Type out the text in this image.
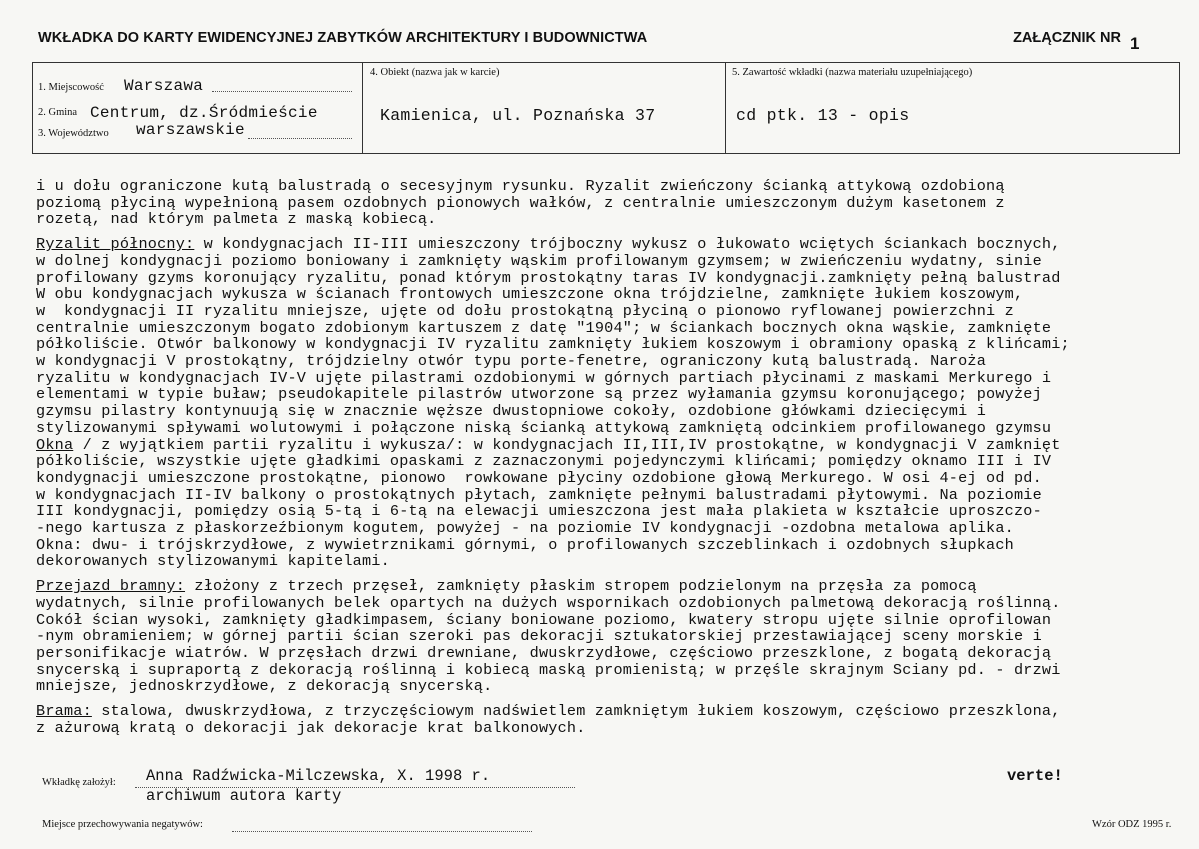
WKŁADKA DO KARTY EWIDENCYJNEJ ZABYTKÓW ARCHITEKTURY I BUDOWNICTWA	ZAŁĄCZNIK NR 1
1. Miejscowość Warszawa
2. Gmina Centrum, dz.Śródmieście
3. Województwo warszawskie
4. Obiekt (nazwa jak w karcie)
Kamienica, ul. Poznańska 37
5. Zawartość wkładki (nazwa materiału uzupełniającego)
cd ptk. 13 - opis

i u dołu ograniczone kutą balustradą o secesyjnym rysunku. Ryzalit zwieńczony ścianką attykową ozdobioną
poziomą płyciną wypełnioną pasem ozdobnych pionowych wałków, z centralnie umieszczonym dużym kasetonem z
rozetą, nad którym palmeta z maską kobiecą.

Ryzalit północny: w kondygnacjach II-III umieszczony trójboczny wykusz o łukowato wciętych ściankach bocznych,
w dolnej kondygnacji poziomo boniowany i zamknięty wąskim profilowanym gzymsem; w zwieńczeniu wydatny, sinie
profilowany gzyms koronujący ryzalitu, ponad którym prostokątny taras IV kondygnacji.zamknięty pełną balustrad
W obu kondygnacjach wykusza w ścianach frontowych umieszczone okna trójdzielne, zamknięte łukiem koszowym,
w  kondygnacji II ryzalitu mniejsze, ujęte od dołu prostokątną płyciną o pionowo ryflowanej powierzchni z
centralnie umieszczonym bogato zdobionym kartuszem z datę "1904"; w ściankach bocznych okna wąskie, zamknięte
półkoliście. Otwór balkonowy w kondygnacji IV ryzalitu zamknięty łukiem koszowym i obramiony opaską z klińcami;
w kondygnacji V prostokątny, trójdzielny otwór typu porte-fenetre, ograniczony kutą balustradą. Naroża
ryzalitu w kondygnacjach IV-V ujęte pilastrami ozdobionymi w górnych partiach płycinami z maskami Merkurego i
elementami w typie buław; pseudokapitele pilastrów utworzone są przez wyłamania gzymsu koronującego; powyżej
gzymsu pilastry kontynuują się w znacznie węższe dwustopniowe cokoły, ozdobione główkami dziecięcymi i
stylizowanymi spływami wolutowymi i połączone niską ścianką attykową zamkniętą odcinkiem profilowanego gzymsu

Okna / z wyjątkiem partii ryzalitu i wykusza/: w kondygnacjach II,III,IV prostokątne, w kondygnacji V zamknięt
półkoliście, wszystkie ujęte gładkimi opaskami z zaznaczonymi pojedynczymi klińcami; pomiędzy oknamo III i IV
kondygnacji umieszczone prostokątne, pionowo  rowkowane płyciny ozdobione głową Merkurego. W osi 4-ej od pd.
w kondygnacjach II-IV balkony o prostokątnych płytach, zamknięte pełnymi balustradami płytowymi. Na poziomie
III kondygnacji, pomiędzy osią 5-tą i 6-tą na elewacji umieszczona jest mała plakieta w kształcie uproszczo-
-nego kartusza z płaskorzeźbionym kogutem, powyżej - na poziomie IV kondygnacji -ozdobna metalowa aplika.
Okna: dwu- i trójskrzydłowe, z wywietrznikami górnymi, o profilowanych szczeblinkach i ozdobnych słupkach
dekorowanych stylizowanymi kapitelami.

Przejazd bramny: złożony z trzech przęseł, zamknięty płaskim stropem podzielonym na przęsła za pomocą
wydatnych, silnie profilowanych belek opartych na dużych wspornikach ozdobionych palmetową dekoracją roślinną.
Cokół ścian wysoki, zamknięty gładkimpasem, ściany boniowane poziomo, kwatery stropu ujęte silnie oprofilowan
-nym obramieniem; w górnej partii ścian szeroki pas dekoracji sztukatorskiej przestawiającej sceny morskie i
personifikacje wiatrów. W przęsłach drzwi drewniane, dwuskrzydłowe, częściowo przeszklone, z bogatą dekoracją
snycerską i supraportą z dekoracją roślinną i kobiecą maską promienistą; w przęśle skrajnym Sciany pd. - drzwi
mniejsze, jednoskrzydłowe, z dekoracją snycerską.

Brama: stalowa, dwuskrzydłowa, z trzyczęściowym nadświetlem zamkniętym łukiem koszowym, częściowo przeszklona,
z ażurową kratą o dekoracji jak dekoracje krat balkonowych.

Wkładkę założył: Anna Radźwicka-Milczewska, X. 1998 r.
archiwum autora karty
verte!
Miejsce przechowywania negatywów:	Wzór ODZ 1995 r.
